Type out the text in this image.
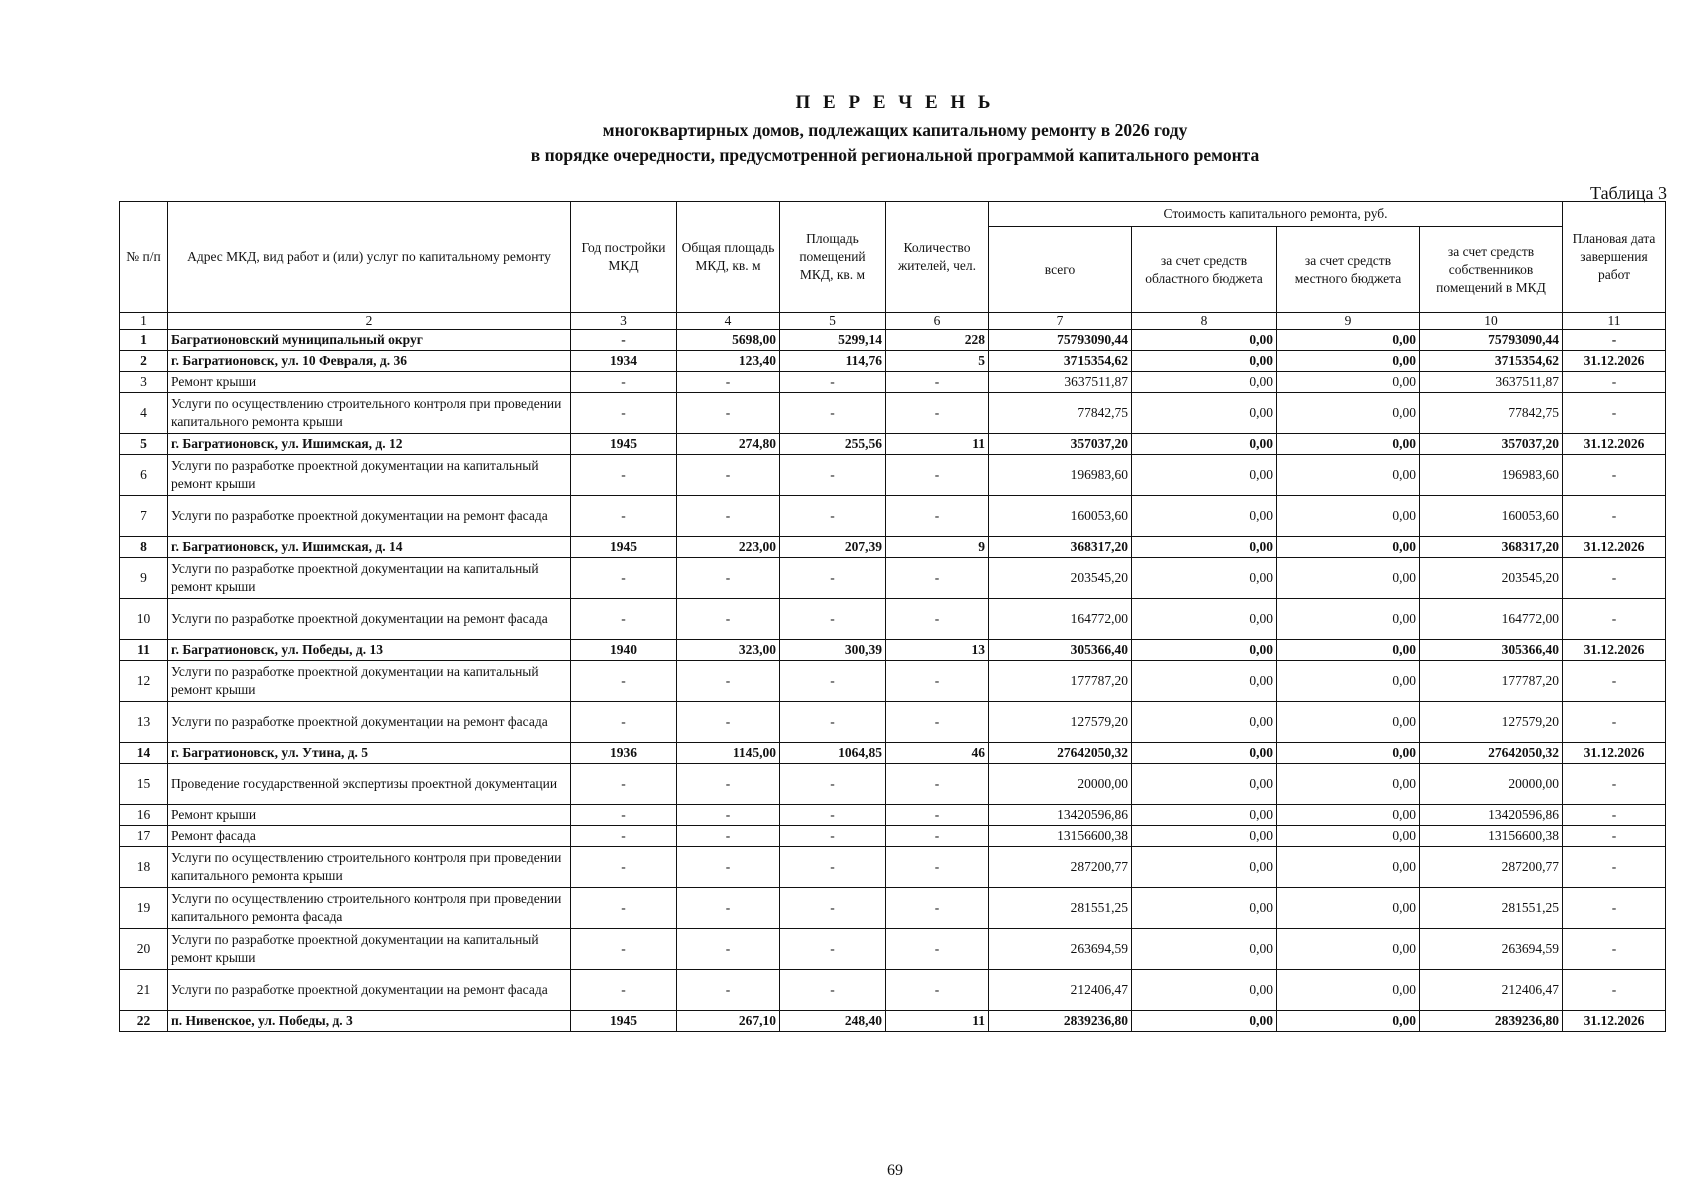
П Е Р Е Ч Е Н Ь
многоквартирных домов, подлежащих капитальному ремонту в 2026 году
в порядке очередности, предусмотренной региональной программой капитального ремонта
Таблица 3
№ п/п	Адрес МКД, вид работ и (или) услуг по капитальному ремонту	Год постройки МКД	Общая площадь МКД, кв. м	Площадь помещений МКД, кв. м	Количество жителей, чел.	Стоимость капитального ремонта, руб.				Плановая дата завершения работ
						всего	за счет средств областного бюджета	за счет средств местного бюджета	за счет средств собственников помещений в МКД	
1	2	3	4	5	6	7	8	9	10	11
1	Багратионовский муниципальный округ	-	5698,00	5299,14	228	75793090,44	0,00	0,00	75793090,44	-
2	г. Багратионовск, ул. 10 Февраля, д. 36	1934	123,40	114,76	5	3715354,62	0,00	0,00	3715354,62	31.12.2026
3	Ремонт крыши	-	-	-	-	3637511,87	0,00	0,00	3637511,87	-
4	Услуги по осуществлению строительного контроля при проведении капитального ремонта крыши	-	-	-	-	77842,75	0,00	0,00	77842,75	-
5	г. Багратионовск, ул. Ишимская, д. 12	1945	274,80	255,56	11	357037,20	0,00	0,00	357037,20	31.12.2026
6	Услуги по разработке проектной документации на капитальный ремонт крыши	-	-	-	-	196983,60	0,00	0,00	196983,60	-
7	Услуги по разработке проектной документации на ремонт фасада	-	-	-	-	160053,60	0,00	0,00	160053,60	-
8	г. Багратионовск, ул. Ишимская, д. 14	1945	223,00	207,39	9	368317,20	0,00	0,00	368317,20	31.12.2026
9	Услуги по разработке проектной документации на капитальный ремонт крыши	-	-	-	-	203545,20	0,00	0,00	203545,20	-
10	Услуги по разработке проектной документации на ремонт фасада	-	-	-	-	164772,00	0,00	0,00	164772,00	-
11	г. Багратионовск, ул. Победы, д. 13	1940	323,00	300,39	13	305366,40	0,00	0,00	305366,40	31.12.2026
12	Услуги по разработке проектной документации на капитальный ремонт крыши	-	-	-	-	177787,20	0,00	0,00	177787,20	-
13	Услуги по разработке проектной документации на ремонт фасада	-	-	-	-	127579,20	0,00	0,00	127579,20	-
14	г. Багратионовск, ул. Утина, д. 5	1936	1145,00	1064,85	46	27642050,32	0,00	0,00	27642050,32	31.12.2026
15	Проведение государственной экспертизы проектной документации	-	-	-	-	20000,00	0,00	0,00	20000,00	-
16	Ремонт крыши	-	-	-	-	13420596,86	0,00	0,00	13420596,86	-
17	Ремонт фасада	-	-	-	-	13156600,38	0,00	0,00	13156600,38	-
18	Услуги по осуществлению строительного контроля при проведении капитального ремонта крыши	-	-	-	-	287200,77	0,00	0,00	287200,77	-
19	Услуги по осуществлению строительного контроля при проведении капитального ремонта фасада	-	-	-	-	281551,25	0,00	0,00	281551,25	-
20	Услуги по разработке проектной документации на капитальный ремонт крыши	-	-	-	-	263694,59	0,00	0,00	263694,59	-
21	Услуги по разработке проектной документации на ремонт фасада	-	-	-	-	212406,47	0,00	0,00	212406,47	-
22	п. Нивенское, ул. Победы, д. 3	1945	267,10	248,40	11	2839236,80	0,00	0,00	2839236,80	31.12.2026
69
